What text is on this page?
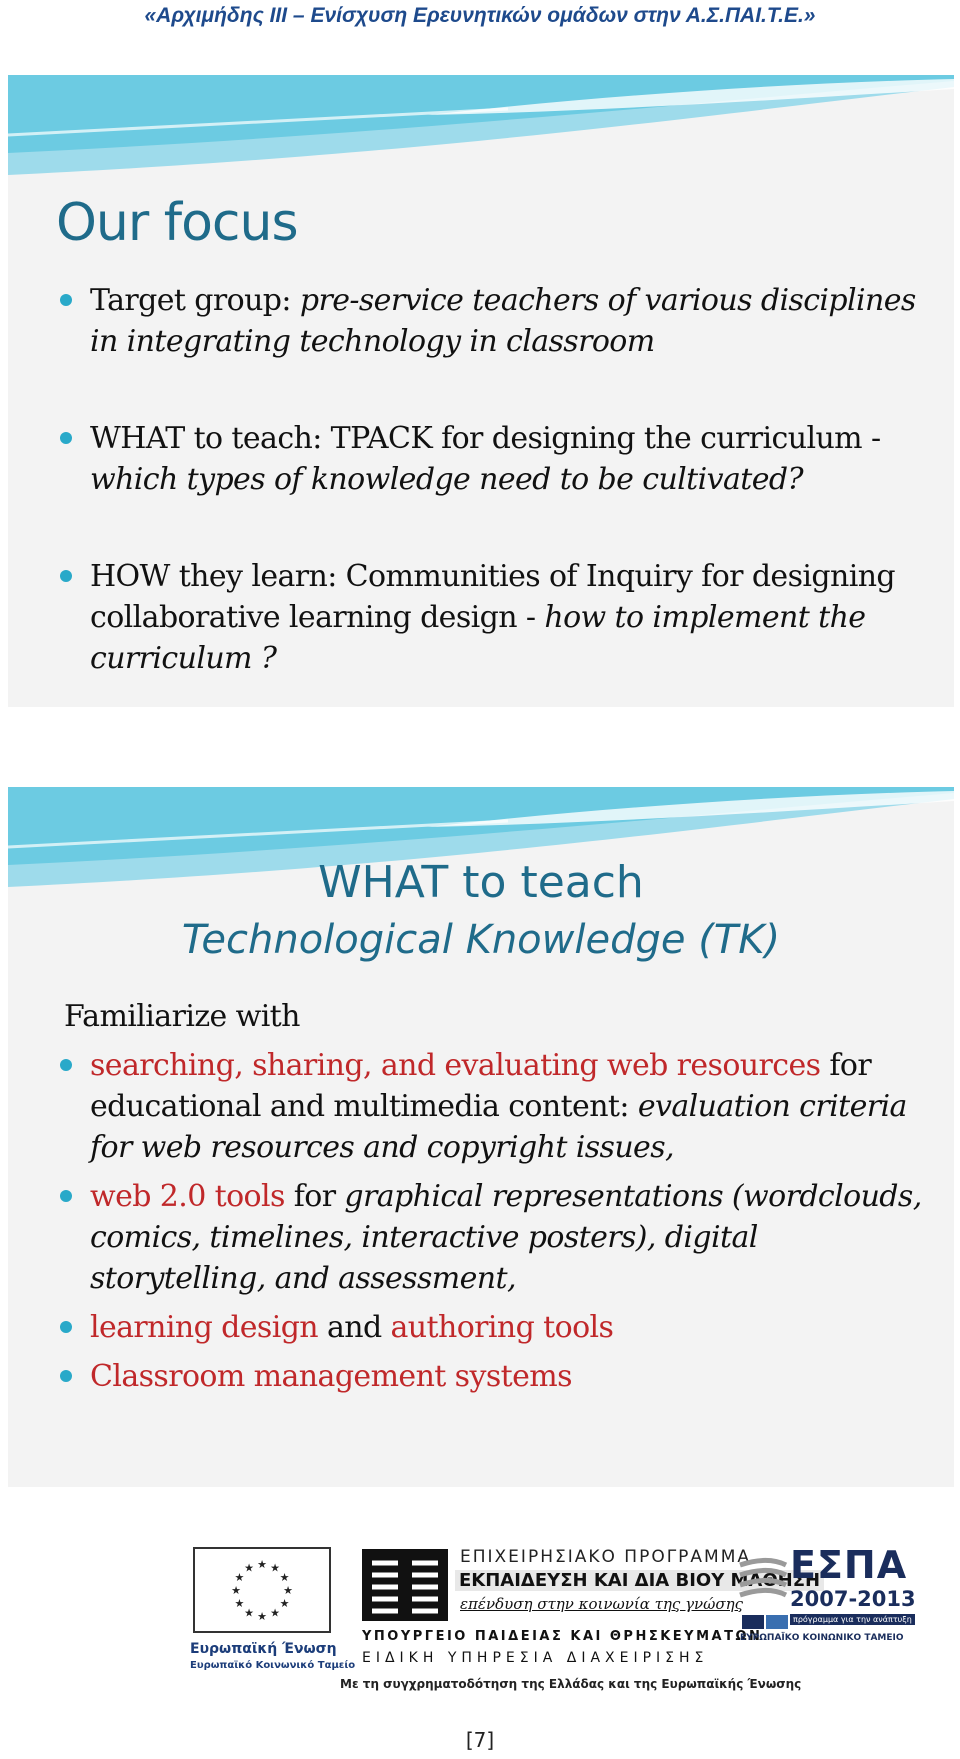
«Αρχιμήδης ΙΙΙ – Ενίσχυση Ερευνητικών ομάδων στην Α.Σ.ΠΑΙ.Τ.Ε.»
Our focus
Target group: pre-service teachers of various disciplines in integrating technology in classroom
WHAT to teach: TPACK for designing the curriculum - which types of knowledge need to be cultivated?
HOW they learn: Communities of Inquiry for designing collaborative learning design - how to implement the curriculum ?
WHAT to teach
Technological Knowledge (TK)
Familiarize with
searching, sharing, and evaluating web resources for educational and multimedia content: evaluation criteria for web resources and copyright issues,
web 2.0 tools for graphical representations (wordclouds, comics, timelines, interactive posters), digital storytelling, and assessment,
learning design and authoring tools
Classroom management systems
★ ★
★
★
★
★
★
★
★
★
★
★
Ευρωπαϊκή Ένωση
Ευρωπαϊκό Κοινωνικό Ταμείο
ΕΠΙΧΕΙΡΗΣΙΑΚΟ ΠΡΟΓΡΑΜΜΑ
ΕΚΠΑΙΔΕΥΣΗ ΚΑΙ ΔΙΑ ΒΙΟΥ ΜΑΘΗΣΗ
επένδυση στην κοινωνία της γνώσης
ΥΠΟΥΡΓΕΙΟ ΠΑΙΔΕΙΑΣ ΚΑΙ ΘΡΗΣΚΕΥΜΑΤΩΝ
ΕΙΔΙΚΗ ΥΠΗΡΕΣΙΑ ΔΙΑΧΕΙΡΙΣΗΣ
Με τη συγχρηματοδότηση της Ελλάδας και της Ευρωπαϊκής Ένωσης
ΕΣΠΑ
2007-2013
πρόγραμμα για την ανάπτυξη
ΕΥΡΩΠΑΪΚΟ ΚΟΙΝΩΝΙΚΟ ΤΑΜΕΙΟ
[7]
